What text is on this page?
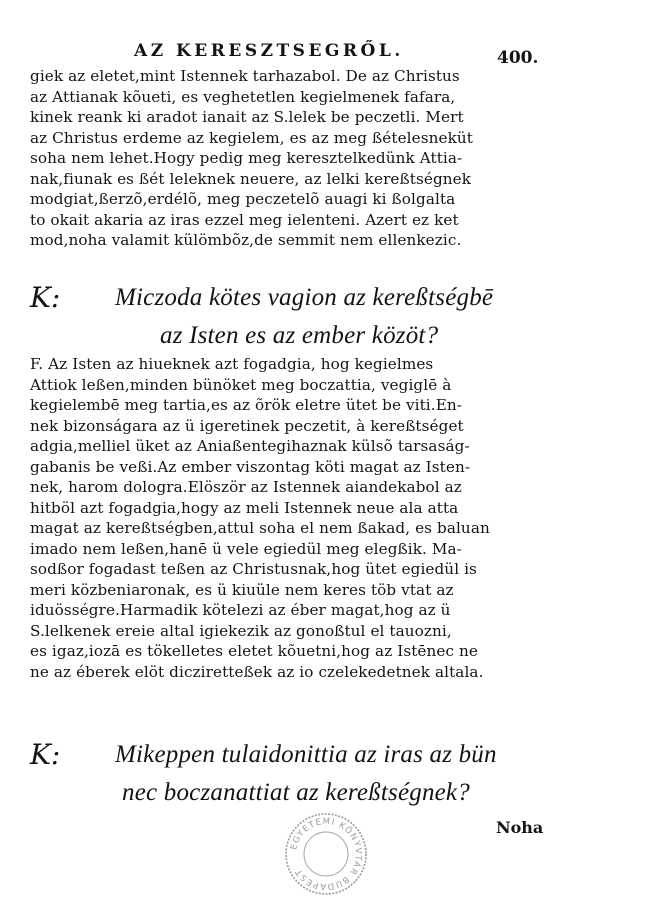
AZ KERESZTSEGRŐL.	400.
giek az eletet,mint Istennek tarhazabol. De az Christus
az Attianak kõueti, es veghetetlen kegielmenek fafara,
kinek reank ki aradot ianait az S.lelek be peczetli. Mert
az Christus erdeme az kegielem, es az meg ßételesneküt
soha nem lehet.Hogy pedig meg keresztelkedünk Attia-
nak,fiunak es ßét leleknek neuere, az lelki kereßtségnek
modgiat,ßerzõ,erdélõ, meg peczetelõ auagi ki ßolgalta
to okait akaria az iras ezzel meg ielenteni. Azert ez ket
mod,noha valamit külömbõz,de semmit nem ellenkezic.
K: Miczoda kötes vagion az kereßtségbē
az Isten es az ember közöt?
F. Az Isten az hiueknek azt fogadgia, hog kegielmes
Attiok leßen,minden bünöket meg boczattia, vegiglē à
kegielembē meg tartia,es az õrök eletre ütet be viti.En-
nek bizonságara az ü igeretinek peczetit, à kereßtséget
adgia,melliel üket az Aniaßentegihaznak külsõ tarsaság-
gabanis be veßi.Az ember viszontag köti magat az Isten-
nek, harom dologra.Elöször az Istennek aiandekabol az
hitböl azt fogadgia,hogy az meli Istennek neue ala atta
magat az kereßtségben,attul soha el nem ßakad, es baluan
imado nem leßen,hanē ü vele egiedül meg elegßik. Ma-
sodßor fogadast teßen az Christusnak,hog ütet egiedül is
meri közbeniaronak, es ü kiuüle nem keres töb vtat az
iduösségre.Harmadik kötelezi az éber magat,hog az ü
S.lelkenek ereie altal igiekezik az gonoßtul el tauozni,
es igaz,iozā es tökelletes eletet kõuetni,hog az Istēnec ne
ne az éberek elöt dicziretteßek az io czelekedetnek altala.
K: Mikeppen tulaidonittia az iras az bün
nec boczanattiat az kereßtségnek?
Noha
EGYETEMI KÖNYVTÁR BUDAPEST
